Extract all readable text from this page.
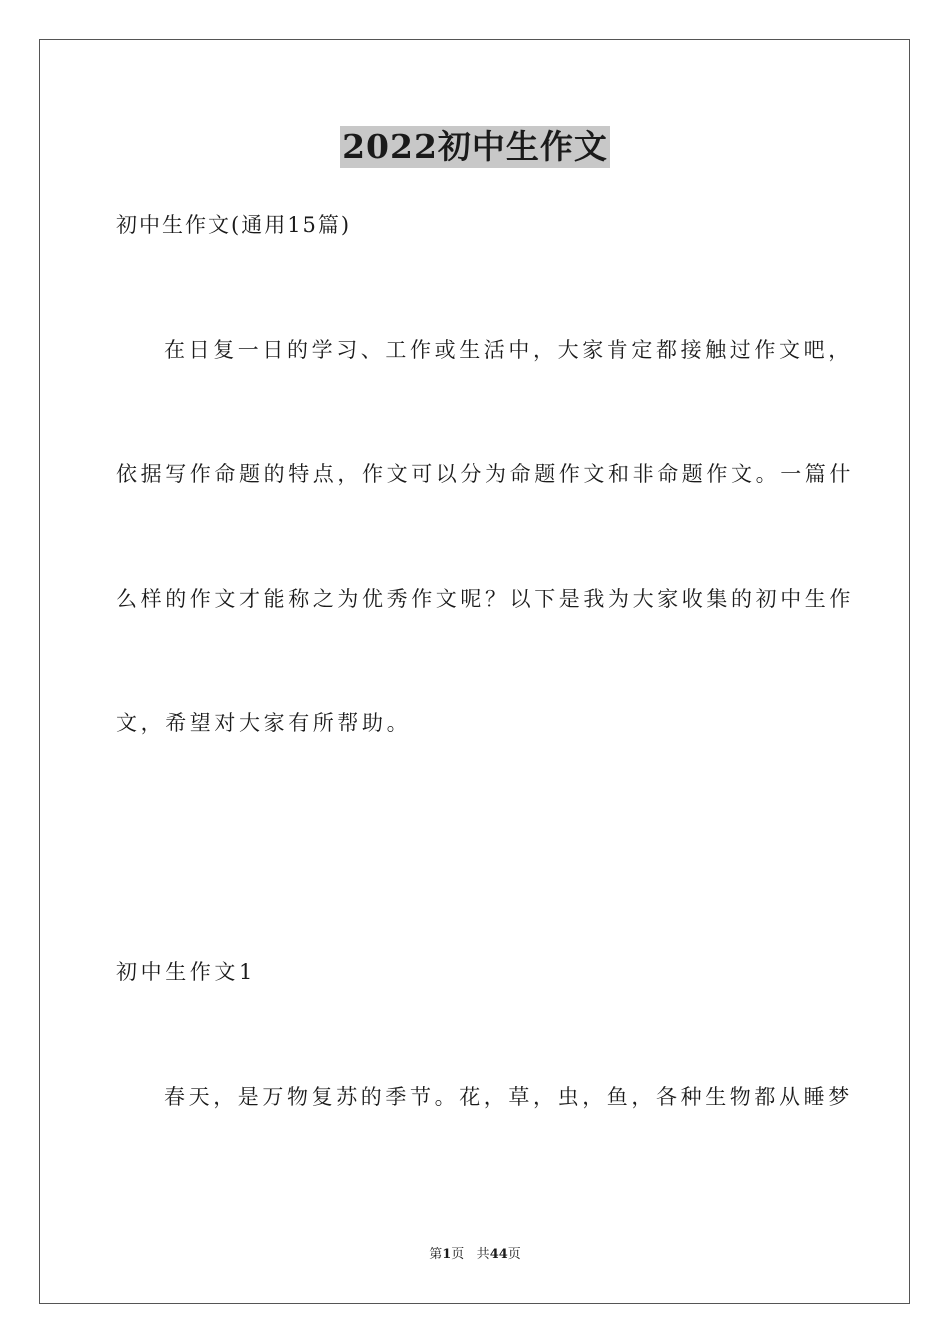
2022初中生作文
初中生作文(通用15篇)
在日复一日的学习、工作或生活中，大家肯定都接触过作文吧，
依据写作命题的特点，作文可以分为命题作文和非命题作文。一篇什
么样的作文才能称之为优秀作文呢？以下是我为大家收集的初中生作
文，希望对大家有所帮助。
初中生作文1
春天，是万物复苏的季节。花，草，虫，鱼，各种生物都从睡梦
第1页 共44页
